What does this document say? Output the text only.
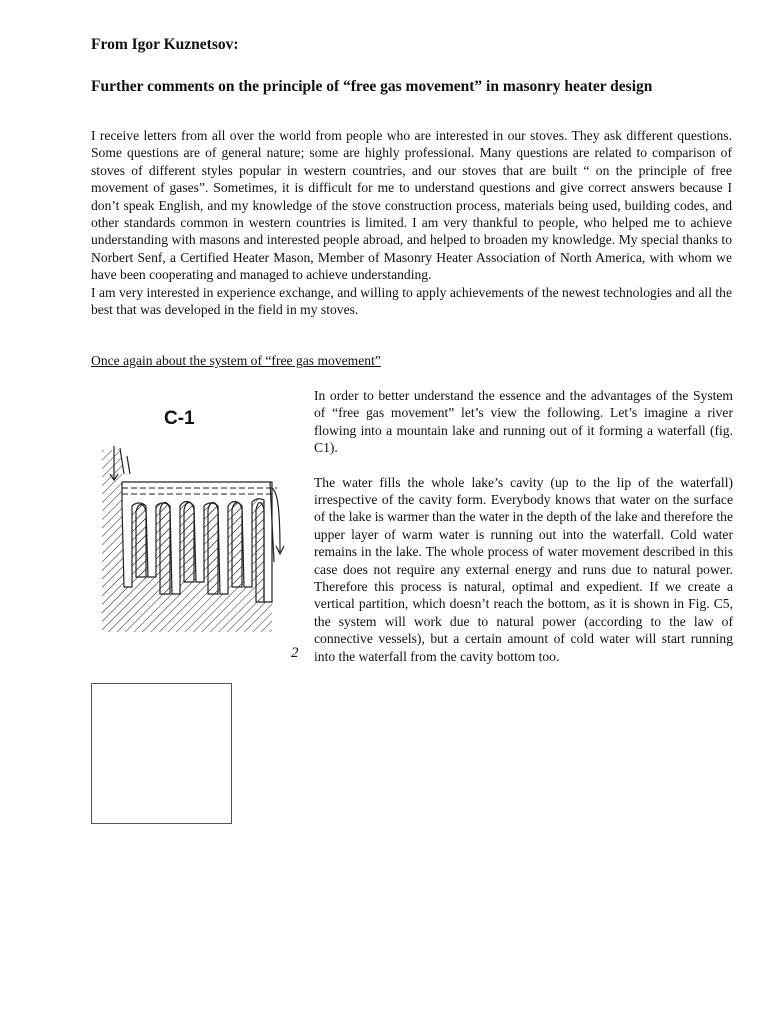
From Igor Kuznetsov:

Further comments on the principle of “free gas movement” in masonry heater design

I receive letters from all over the world from people who are interested in our stoves. They ask different questions. Some questions are of general nature; some are highly professional. Many questions are related to comparison of stoves of different styles popular in western countries, and our stoves that are built “ on the principle of free movement of gases”. Sometimes, it is difficult for me to understand questions and give correct answers because I don’t speak English, and my knowledge of the stove construction process, materials being used, building codes, and other standards common in western countries is limited. I am very thankful to people, who helped me to achieve understanding with masons and interested people abroad, and helped to broaden my knowledge. My special thanks to Norbert Senf, a Certified Heater Mason, Member of Masonry Heater Association of North America, with whom we have been cooperating and managed to achieve understanding.

I am very interested in experience exchange, and willing to apply achievements of the newest technologies and all the best that was developed in the field in my stoves.

Once again about the system of “free gas movement”

In order to better understand the essence and the advantages of the System of “free gas movement” let’s view the following. Let’s imagine a river flowing into a mountain lake and running out of it forming a waterfall (fig. C1).

The water fills the whole lake’s cavity (up to the lip of the waterfall) irrespective of the cavity form. Everybody knows that water on the surface of the lake is warmer than the water in the depth of the lake and therefore the upper layer of warm water is running out into the waterfall. Cold water remains in the lake. The whole process of water movement described in this case does not require any external energy and runs due to natural power. Therefore this process is natural, optimal and expedient. If we create a vertical partition, which doesn’t reach the bottom, as it is shown in Fig. C5, the system will work due to natural power (according to the law of connective vessels), but a certain amount of cold water will start running into the waterfall from the cavity bottom too.

C-1

2
